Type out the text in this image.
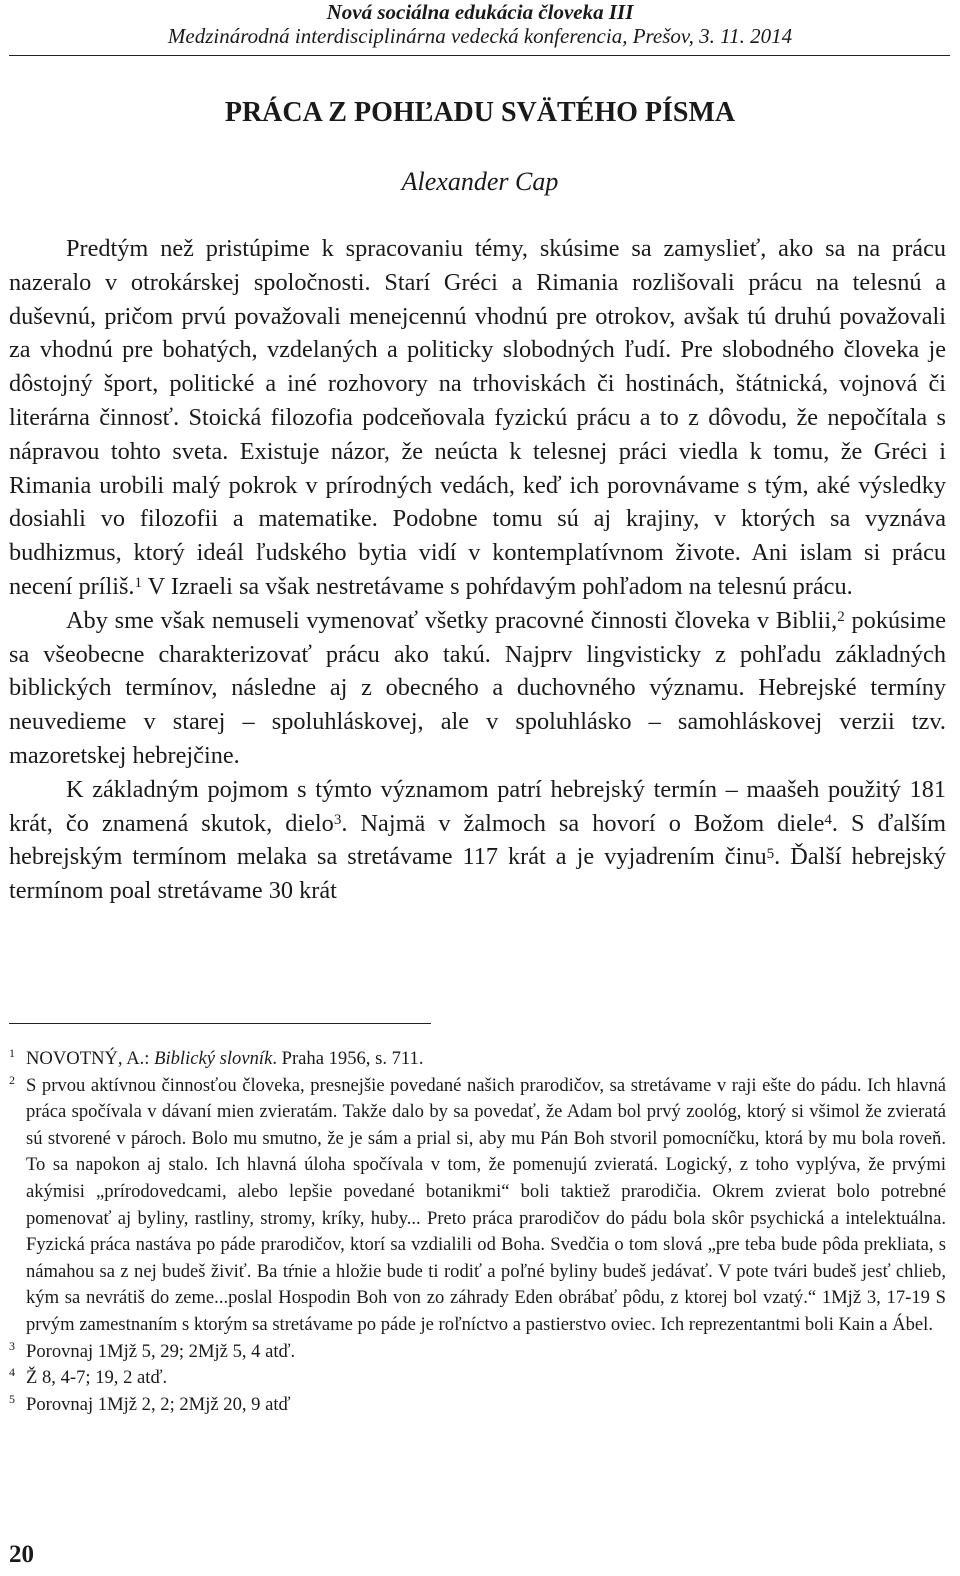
Nová sociálna edukácia človeka III
Medzinárodná interdisciplinárna vedecká konferencia, Prešov, 3. 11. 2014
PRÁCA Z POHĽADU SVÄTÉHO PÍSMA
Alexander Cap

Predtým než pristúpime k spracovaniu témy, skúsime sa zamyslieť, ako sa na prácu nazeralo v otrokárskej spoločnosti. Starí Gréci a Rimania rozlišovali prácu na telesnú a duševnú, pričom prvú považovali menejcennú vhodnú pre otrokov, avšak tú druhú považovali za vhodnú pre bohatých, vzdelaných a politicky slobodných ľudí. Pre slobodného človeka je dôstojný šport, politické a iné rozhovory na trhoviskách či hostinách, štátnická, vojnová či literárna činnosť. Stoická filozofia podceňovala fyzickú prácu a to z dôvodu, že nepočítala s nápravou tohto sveta. Existuje názor, že neúcta k telesnej práci viedla k tomu, že Gréci i Rimania urobili malý pokrok v prírodných vedách, keď ich porovnávame s tým, aké výsledky dosiahli vo filozofii a matematike. Podobne tomu sú aj krajiny, v ktorých sa vyznáva budhizmus, ktorý ideál ľudského bytia vidí v kontemplatívnom živote. Ani islam si prácu necení príliš.$^1$ V Izraeli sa však nestretávame s pohŕdavým pohľadom na telesnú prácu.

Aby sme však nemuseli vymenovať všetky pracovné činnosti človeka v Biblii,$^2$ pokúsime sa všeobecne charakterizovať prácu ako takú. Najprv lingvisticky z pohľadu základných biblických termínov, následne aj z obecného a duchovného významu. Hebrejské termíny neuvedieme v starej – spoluhláskovej, ale v spoluhlásko – samohláskovej verzii tzv. mazoretskej hebrejčine.

K základným pojmom s týmto významom patrí hebrejský termín – maašeh použitý 181 krát, čo znamená skutok, dielo$^3$. Najmä v žalmoch sa hovorí o Božom diele$^4$. S ďalším hebrejským termínom melaka sa stretávame 117 krát a je vyjadrením činu$^5$. Ďalší hebrejský termínom poal stretávame 30 krát

1 NOVOTNÝ, A.: Biblický slovník. Praha 1956, s. 711.

2 S prvou aktívnou činnosťou človeka, presnejšie povedané našich prarodičov, sa stretávame v raji ešte do pádu. Ich hlavná práca spočívala v dávaní mien zvieratám. Takže dalo by sa povedať, že Adam bol prvý zoológ, ktorý si všimol že zvieratá sú stvorené v pároch. Bolo mu smutno, že je sám a prial si, aby mu Pán Boh stvoril pomocníčku, ktorá by mu bola roveň. To sa napokon aj stalo. Ich hlavná úloha spočívala v tom, že pomenujú zvieratá. Logický, z toho vyplýva, že prvými akýmisi „prírodovedcami, alebo lepšie povedané botanikmi“ boli taktiež prarodičia. Okrem zvierat bolo potrebné pomenovať aj byliny, rastliny, stromy, kríky, huby... Preto práca prarodičov do pádu bola skôr psychická a intelektuálna. Fyzická práca nastáva po páde prarodičov, ktorí sa vzdialili od Boha. Svedčia o tom slová „pre teba bude pôda prekliata, s námahou sa z nej budeš živiť. Ba tŕnie a hložie bude ti rodiť a poľné byliny budeš jedávať. V pote tvári budeš jesť chlieb, kým sa nevrátiš do zeme...poslal Hospodin Boh von zo záhrady Eden obrábať pôdu, z ktorej bol vzatý.“ 1Mjž 3, 17-19 S prvým zamestnaním s ktorým sa stretávame po páde je roľníctvo a pastierstvo oviec. Ich reprezentantmi boli Kain a Ábel.

3 Porovnaj 1Mjž 5, 29; 2Mjž 5, 4 atď.

4 Ž 8, 4-7; 19, 2 atď.

5 Porovnaj 1Mjž 2, 2; 2Mjž 20, 9 atď

20
